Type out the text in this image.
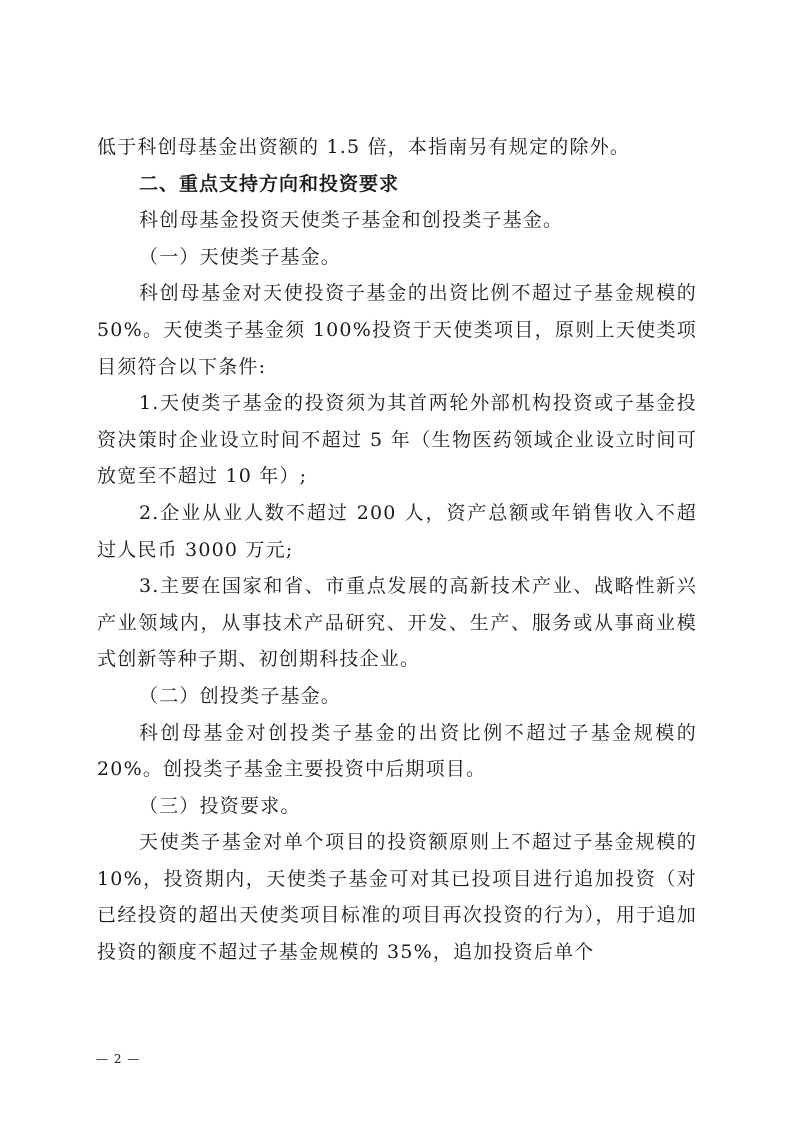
低于科创母基金出资额的 1.5 倍，本指南另有规定的除外。

二、重点支持方向和投资要求

科创母基金投资天使类子基金和创投类子基金。

（一）天使类子基金。

科创母基金对天使投资子基金的出资比例不超过子基金规模的 50%。天使类子基金须 100%投资于天使类项目，原则上天使类项目须符合以下条件:

1.天使类子基金的投资须为其首两轮外部机构投资或子基金投资决策时企业设立时间不超过 5 年（生物医药领域企业设立时间可放宽至不超过 10 年）;

2.企业从业人数不超过 200 人，资产总额或年销售收入不超过人民币 3000 万元;

3.主要在国家和省、市重点发展的高新技术产业、战略性新兴产业领域内，从事技术产品研究、开发、生产、服务或从事商业模式创新等种子期、初创期科技企业。

（二）创投类子基金。

科创母基金对创投类子基金的出资比例不超过子基金规模的 20%。创投类子基金主要投资中后期项目。

（三）投资要求。

天使类子基金对单个项目的投资额原则上不超过子基金规模的 10%，投资期内，天使类子基金可对其已投项目进行追加投资（对已经投资的超出天使类项目标准的项目再次投资的行为），用于追加投资的额度不超过子基金规模的 35%，追加投资后单个

— 2 —
